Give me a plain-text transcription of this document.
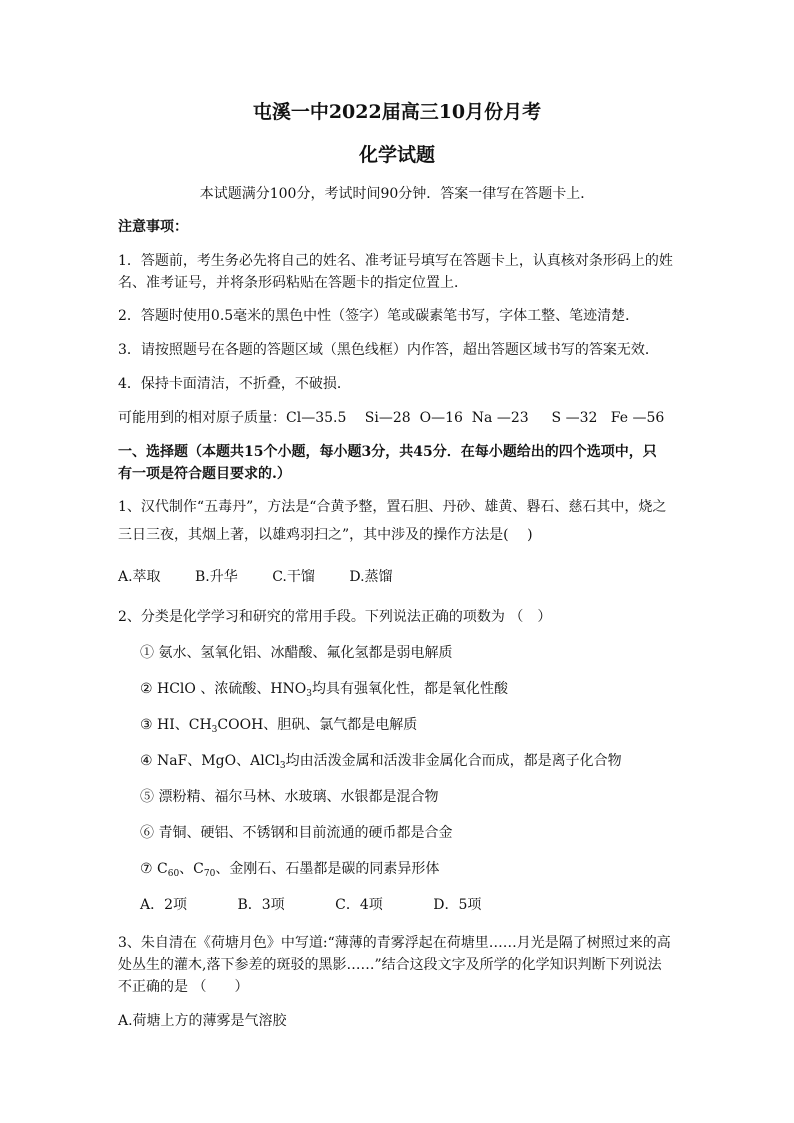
屯溪一中2022届高三10月份月考
化学试题
本试题满分100分，考试时间90分钟．答案一律写在答题卡上．
注意事项：
1．答题前，考生务必先将自己的姓名、准考证号填写在答题卡上，认真核对条形码上的姓
名、准考证号，并将条形码粘贴在答题卡的指定位置上．
2．答题时使用0.5毫米的黑色中性（签字）笔或碳素笔书写，字体工整、笔迹清楚．
3．请按照题号在各题的答题区域（黑色线框）内作答，超出答题区域书写的答案无效．
4．保持卡面清洁，不折叠，不破损．
可能用到的相对原子质量：Cl—35.5　 Si—28  O—16  Na —23　  S —32   Fe —56
一、选择题（本题共15个小题，每小题3分，共45分．在每小题给出的四个选项中，只
有一项是符合题目要求的.）
1、汉代制作“五毒丹”，方法是“合黄予整，置石胆、丹砂、雄黄、礜石、慈石其中，烧之
三日三夜，其烟上著，以雄鸡羽扫之”，其中涉及的操作方法是(　 )
A.萃取 B.升华 C.干馏 D.蒸馏
2、分类是化学学习和研究的常用手段。下列说法正确的项数为 （　）
① 氨水、氢氧化铝、冰醋酸、氟化氢都是弱电解质
② HClO 、浓硫酸、$HNO_3$均具有强氧化性，都是氧化性酸
③ HI、$CH_3COOH$、胆矾、氯气都是电解质
④ NaF、MgO、AlCl$_3$均由活泼金属和活泼非金属化合而成，都是离子化合物
⑤ 漂粉精、福尔马林、水玻璃、水银都是混合物
⑥ 青铜、硬铝、不锈钢和目前流通的硬币都是合金
⑦ $C_{60}$、$C_{70}$、金刚石、石墨都是碳的同素异形体
A．2项	B．3项	C．4项	D．5项
3、朱自清在《荷塘月色》中写道:“薄薄的青雾浮起在荷塘里……月光是隔了树照过来的高
处丛生的灌木,落下参差的斑驳的黑影……”结合这段文字及所学的化学知识判断下列说法
不正确的是 （　　）
A.荷塘上方的薄雾是气溶胶
